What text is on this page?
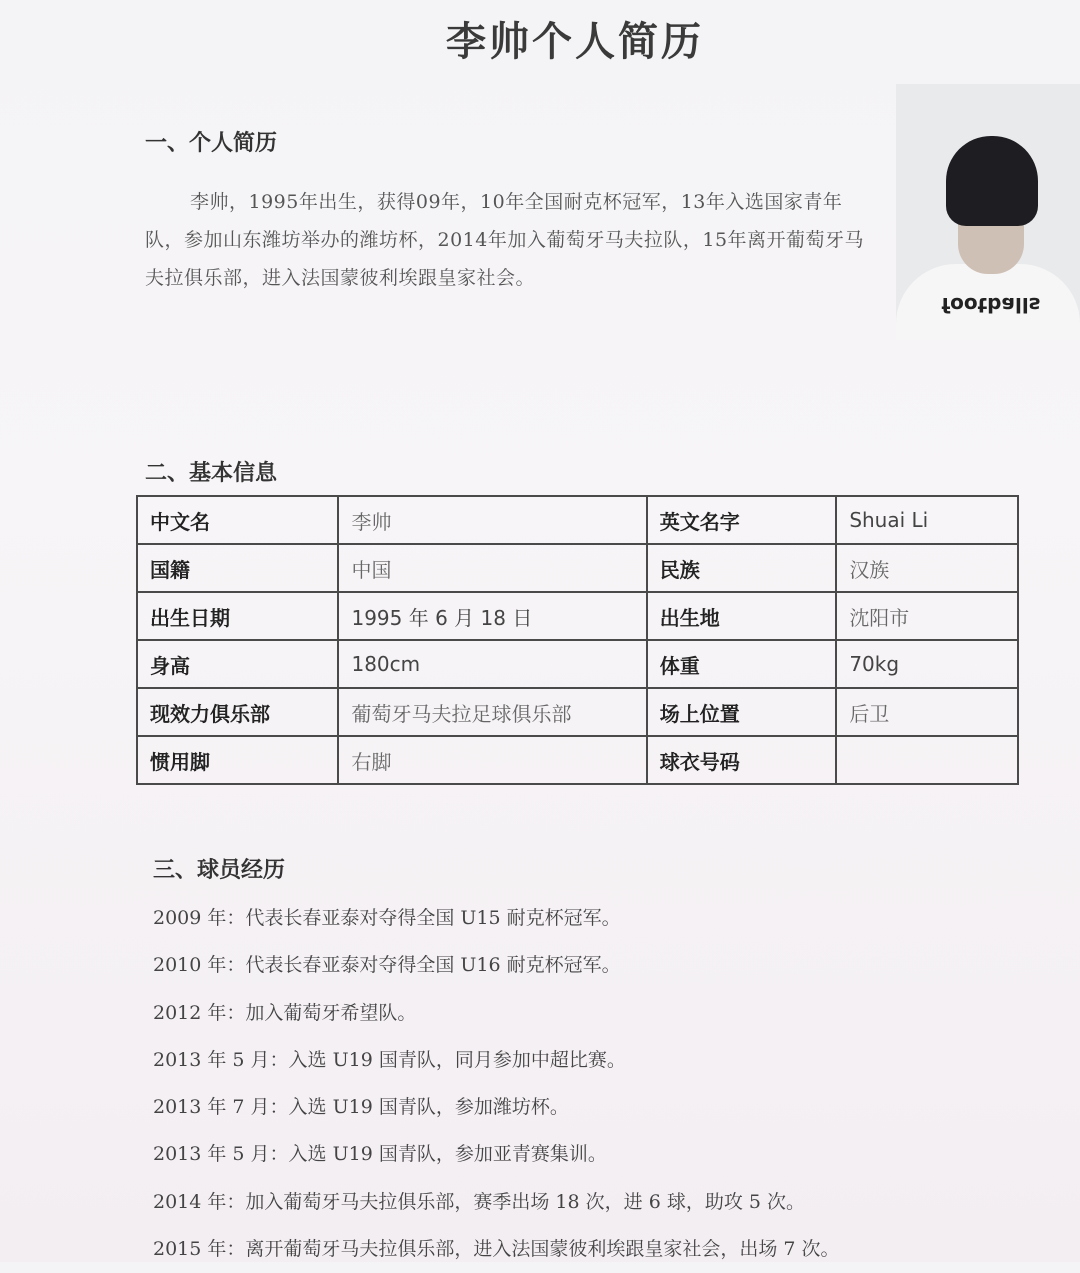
李帅个人简历
一、个人简历
李帅，1995年出生，获得09年，10年全国耐克杯冠军，13年入选国家青年队，参加山东潍坊举办的潍坊杯，2014年加入葡萄牙马夫拉队，15年离开葡萄牙马夫拉俱乐部，进入法国蒙彼利埃跟皇家社会。
footballs
二、基本信息
中文名	李帅	英文名字	Shuai Li
国籍	中国	民族	汉族
出生日期	1995 年 6 月 18 日	出生地	沈阳市
身高	180cm	体重	70kg
现效力俱乐部	葡萄牙马夫拉足球俱乐部	场上位置	后卫
惯用脚	右脚	球衣号码	
三、球员经历
2009 年：代表长春亚泰对夺得全国 U15 耐克杯冠军。
2010 年：代表长春亚泰对夺得全国 U16 耐克杯冠军。
2012 年：加入葡萄牙希望队。
2013 年 5 月：入选 U19 国青队，同月参加中超比赛。
2013 年 7 月：入选 U19 国青队，参加潍坊杯。
2013 年 5 月：入选 U19 国青队，参加亚青赛集训。
2014 年：加入葡萄牙马夫拉俱乐部，赛季出场 18 次，进 6 球，助攻 5 次。
2015 年：离开葡萄牙马夫拉俱乐部，进入法国蒙彼利埃跟皇家社会，出场 7 次。
